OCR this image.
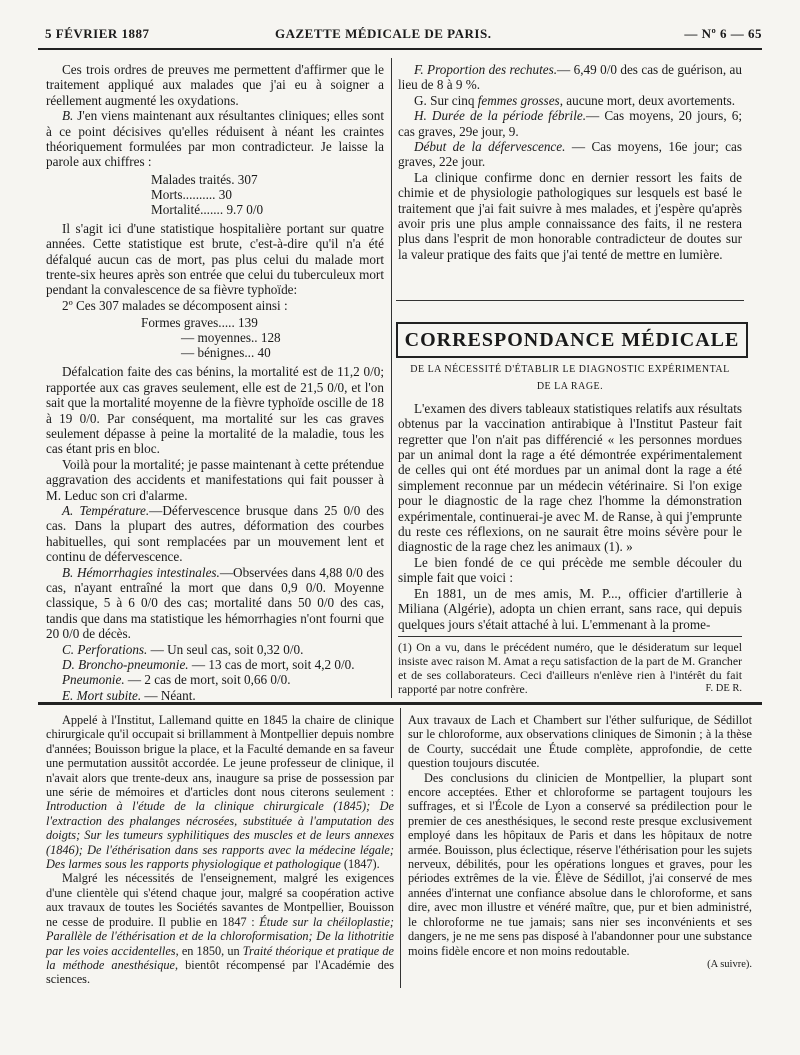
5 FÉVRIER 1887	GAZETTE MÉDICALE DE PARIS.	— Nº 6 — 65

Ces trois ordres de preuves me permettent d'affirmer que le traitement appliqué aux malades que j'ai eu à soigner a réellement augmenté les oxydations.

B. J'en viens maintenant aux résultantes cliniques; elles sont à ce point décisives qu'elles réduisent à néant les craintes théoriquement formulées par mon contradicteur. Je laisse la parole aux chiffres :

Malades traités. 307
Morts.......... 30
Mortalité....... 9.7 0/0

Il s'agit ici d'une statistique hospitalière portant sur quatre années. Cette statistique est brute, c'est-à-dire qu'il n'a été défalqué aucun cas de mort, pas plus celui du malade mort trente-six heures après son entrée que celui du tuberculeux mort pendant la convalescence de sa fièvre typhoïde:

2º Ces 307 malades se décomposent ainsi :

Formes graves..... 139
— moyennes.. 128
— bénignes... 40

Défalcation faite des cas bénins, la mortalité est de 11,2 0/0; rapportée aux cas graves seulement, elle est de 21,5 0/0, et l'on sait que la mortalité moyenne de la fièvre typhoïde oscille de 18 à 19 0/0. Par conséquent, ma mortalité sur les cas graves seulement dépasse à peine la mortalité de la maladie, tous les cas étant pris en bloc.

Voilà pour la mortalité; je passe maintenant à cette prétendue aggravation des accidents et manifestations qui fait pousser à M. Leduc son cri d'alarme.

A. Température.—Défervescence brusque dans 25 0/0 des cas. Dans la plupart des autres, déformation des courbes habituelles, qui sont remplacées par un mouvement lent et continu de défervescence.

B. Hémorrhagies intestinales.—Observées dans 4,88 0/0 des cas, n'ayant entraîné la mort que dans 0,9 0/0. Moyenne classique, 5 à 6 0/0 des cas; mortalité dans 50 0/0 des cas, tandis que dans ma statistique les hémorrhagies n'ont fourni que 20 0/0 de décès.

C. Perforations. — Un seul cas, soit 0,32 0/0.

D. Broncho-pneumonie. — 13 cas de mort, soit 4,2 0/0.

Pneumonie. — 2 cas de mort, soit 0,66 0/0.

E. Mort subite. — Néant.

F. Proportion des rechutes.— 6,49 0/0 des cas de guérison, au lieu de 8 à 9 %.

G. Sur cinq femmes grosses, aucune mort, deux avortements.

H. Durée de la période fébrile.— Cas moyens, 20 jours, 6; cas graves, 29e jour, 9.

Début de la défervescence. — Cas moyens, 16e jour; cas graves, 22e jour.

La clinique confirme donc en dernier ressort les faits de chimie et de physiologie pathologiques sur lesquels est basé le traitement que j'ai fait suivre à mes malades, et j'espère qu'après avoir pris une plus ample connaissance des faits, il ne restera plus dans l'esprit de mon honorable contradicteur de doutes sur la valeur pratique des faits que j'ai tenté de mettre en lumière.

CORRESPONDANCE MÉDICALE
DE LA NÉCESSITÉ D'ÉTABLIR LE DIAGNOSTIC EXPÉRIMENTAL
DE LA RAGE.

L'examen des divers tableaux statistiques relatifs aux résultats obtenus par la vaccination antirabique à l'Institut Pasteur fait regretter que l'on n'ait pas différencié « les personnes mordues par un animal dont la rage a été démontrée expérimentalement de celles qui ont été mordues par un animal dont la rage a été simplement reconnue par un médecin vétérinaire. Si l'on exige pour le diagnostic de la rage chez l'homme la démonstration expérimentale, continuerai-je avec M. de Ranse, à qui j'emprunte du reste ces réflexions, on ne saurait être moins sévère pour le diagnostic de la rage chez les animaux (1). »

Le bien fondé de ce qui précède me semble découler du simple fait que voici :

En 1881, un de mes amis, M. P..., officier d'artillerie à Miliana (Algérie), adopta un chien errant, sans race, qui depuis quelques jours s'était attaché à lui. L'emmenant à la prome-

(1) On a vu, dans le précédent numéro, que le désideratum sur lequel insiste avec raison M. Amat a reçu satisfaction de la part de M. Grancher et de ses collaborateurs. Ceci d'ailleurs n'enlève rien à l'intérêt du fait rapporté par notre confrère.	F. DE R.

Appelé à l'Institut, Lallemand quitte en 1845 la chaire de clinique chirurgicale qu'il occupait si brillamment à Montpellier depuis nombre d'années; Bouisson brigue la place, et la Faculté demande en sa faveur une permutation aussitôt accordée. Le jeune professeur de clinique, il n'avait alors que trente-deux ans, inaugure sa prise de possession par une série de mémoires et d'articles dont nous citerons seulement : Introduction à l'étude de la clinique chirurgicale (1845); De l'extraction des phalanges nécrosées, substituée à l'amputation des doigts; Sur les tumeurs syphilitiques des muscles et de leurs annexes (1846); De l'éthérisation dans ses rapports avec la médecine légale; Des larmes sous les rapports physiologique et pathologique (1847).

Malgré les nécessités de l'enseignement, malgré les exigences d'une clientèle qui s'étend chaque jour, malgré sa coopération active aux travaux de toutes les Sociétés savantes de Montpellier, Bouisson ne cesse de produire. Il publie en 1847 : Étude sur la chéiloplastie; Parallèle de l'éthérisation et de la chloroformisation; De la lithotritie par les voies accidentelles, en 1850, un Traité théorique et pratique de la méthode anesthésique, bientôt récompensé par l'Académie des sciences.

Aux travaux de Lach et Chambert sur l'éther sulfurique, de Sédillot sur le chloroforme, aux observations cliniques de Simonin ; à la thèse de Courty, succédait une Étude complète, approfondie, de cette question toujours discutée.

Des conclusions du clinicien de Montpellier, la plupart sont encore acceptées. Ether et chloroforme se partagent toujours les suffrages, et si l'École de Lyon a conservé sa prédilection pour le premier de ces anesthésiques, le second reste presque exclusivement employé dans les hôpitaux de Paris et dans les hôpitaux de notre armée. Bouisson, plus éclectique, réserve l'éthérisation pour les sujets nerveux, débilités, pour les opérations longues et graves, pour les périodes extrêmes de la vie. Élève de Sédillot, j'ai conservé de mes années d'internat une confiance absolue dans le chloroforme, et sans dire, avec mon illustre et vénéré maître, que, pur et bien administré, le chloroforme ne tue jamais; sans nier ses inconvénients et ses dangers, je ne me sens pas disposé à l'abandonner pour une substance moins fidèle encore et non moins redoutable.

(A suivre).
